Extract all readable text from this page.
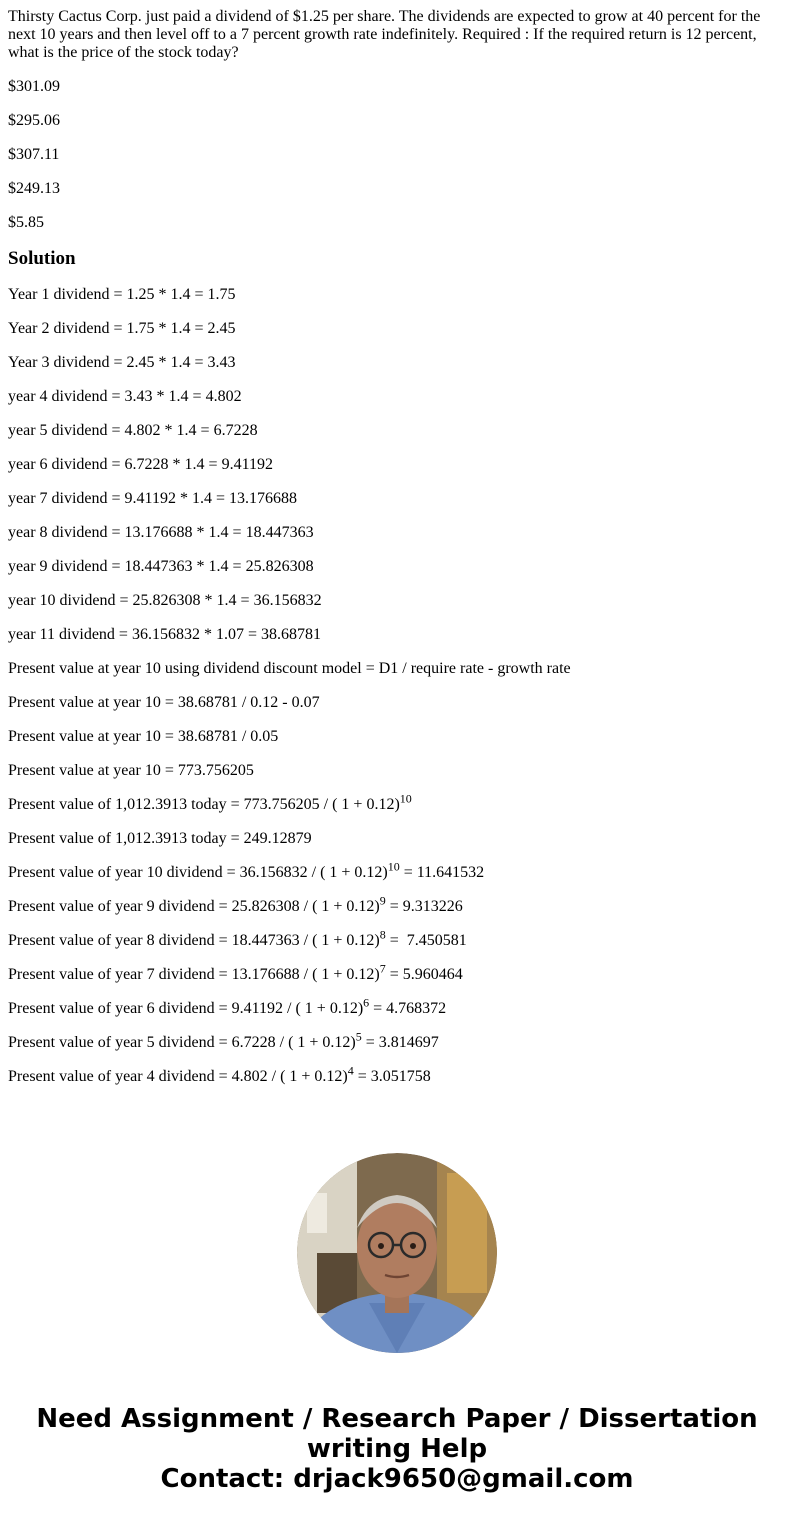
Thirsty Cactus Corp. just paid a dividend of $1.25 per share. The dividends are expected to grow at 40 percent for the next 10 years and then level off to a 7 percent growth rate indefinitely. Required : If the required return is 12 percent, what is the price of the stock today?

$301.09

$295.06

$307.11

$249.13

$5.85

Solution

Year 1 dividend = 1.25 * 1.4 = 1.75

Year 2 dividend = 1.75 * 1.4 = 2.45

Year 3 dividend = 2.45 * 1.4 = 3.43

year 4 dividend = 3.43 * 1.4 = 4.802

year 5 dividend = 4.802 * 1.4 = 6.7228

year 6 dividend = 6.7228 * 1.4 = 9.41192

year 7 dividend = 9.41192 * 1.4 = 13.176688

year 8 dividend = 13.176688 * 1.4 = 18.447363

year 9 dividend = 18.447363 * 1.4 = 25.826308

year 10 dividend = 25.826308 * 1.4 = 36.156832

year 11 dividend = 36.156832 * 1.07 = 38.68781

Present value at year 10 using dividend discount model = D1 / require rate - growth rate

Present value at year 10 = 38.68781 / 0.12 - 0.07

Present value at year 10 = 38.68781 / 0.05

Present value at year 10 = 773.756205

Present value of 1,012.3913 today = 773.756205 / ( 1 + 0.12)$^{10}$

Present value of 1,012.3913 today = 249.12879

Present value of year 10 dividend = 36.156832 / ( 1 + 0.12)$^{10}$ = 11.641532

Present value of year 9 dividend = 25.826308 / ( 1 + 0.12)$^9$ = 9.313226

Present value of year 8 dividend = 18.447363 / ( 1 + 0.12)$^8$ =  7.450581

Present value of year 7 dividend = 13.176688 / ( 1 + 0.12)$^7$ = 5.960464

Present value of year 6 dividend = 9.41192 / ( 1 + 0.12)$^6$ = 4.768372

Present value of year 5 dividend = 6.7228 / ( 1 + 0.12)$^5$ = 3.814697

Present value of year 4 dividend = 4.802 / ( 1 + 0.12)$^4$ = 3.051758

Need Assignment / Research Paper / Dissertation
writing Help
Contact: drjack9650@gmail.com
